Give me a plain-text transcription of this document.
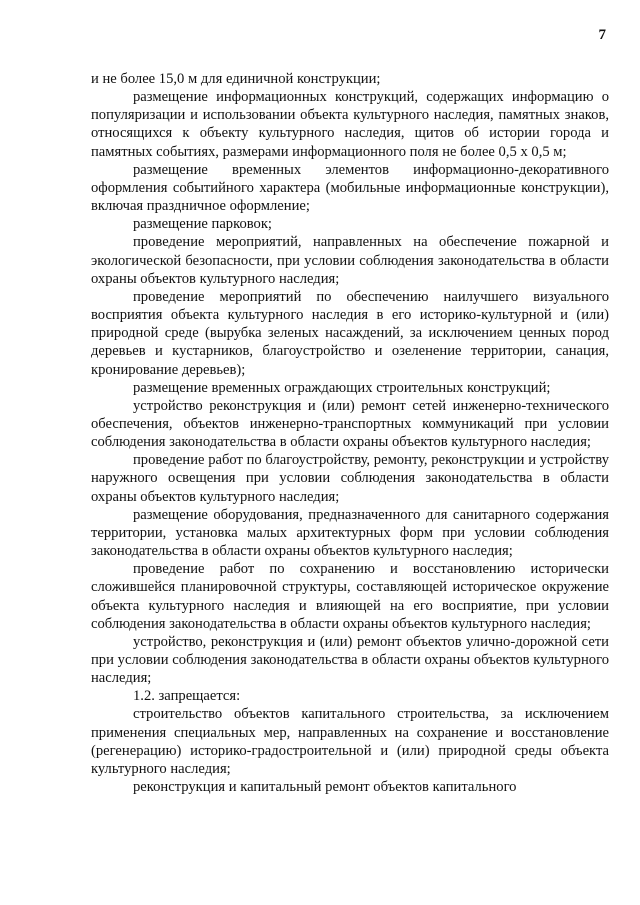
7

и не более 15,0 м для единичной конструкции;

размещение информационных конструкций, содержащих информацию о популяризации и использовании объекта культурного наследия, памятных знаков, относящихся к объекту культурного наследия, щитов об истории города и памятных событиях, размерами информационного поля не более 0,5 х 0,5 м;

размещение временных элементов информационно-декоративного оформления событийного характера (мобильные информационные конструкции), включая праздничное оформление;

размещение парковок;

проведение мероприятий, направленных на обеспечение пожарной и экологической безопасности, при условии соблюдения законодательства в области охраны объектов культурного наследия;

проведение мероприятий по обеспечению наилучшего визуального восприятия объекта культурного наследия в его историко-культурной и (или) природной среде (вырубка зеленых насаждений, за исключением ценных пород деревьев и кустарников, благоустройство и озеленение территории, санация, кронирование деревьев);

размещение временных ограждающих строительных конструкций;

устройство реконструкция и (или) ремонт сетей инженерно-технического обеспечения, объектов инженерно-транспортных коммуникаций при условии соблюдения законодательства в области охраны объектов культурного наследия;

проведение работ по благоустройству, ремонту, реконструкции и устройству наружного освещения при условии соблюдения законодательства в области охраны объектов культурного наследия;

размещение оборудования, предназначенного для санитарного содержания территории, установка малых архитектурных форм при условии соблюдения законодательства в области охраны объектов культурного наследия;

проведение работ по сохранению и восстановлению исторически сложившейся планировочной структуры, составляющей историческое окружение объекта культурного наследия и влияющей на его восприятие, при условии соблюдения законодательства в области охраны объектов культурного наследия;

устройство, реконструкция и (или) ремонт объектов улично-дорожной сети при условии соблюдения законодательства в области охраны объектов культурного наследия;

1.2. запрещается:

строительство объектов капитального строительства, за исключением применения специальных мер, направленных на сохранение и восстановление (регенерацию) историко-градостроительной и (или) природной среды объекта культурного наследия;

реконструкция и капитальный ремонт объектов капитального
